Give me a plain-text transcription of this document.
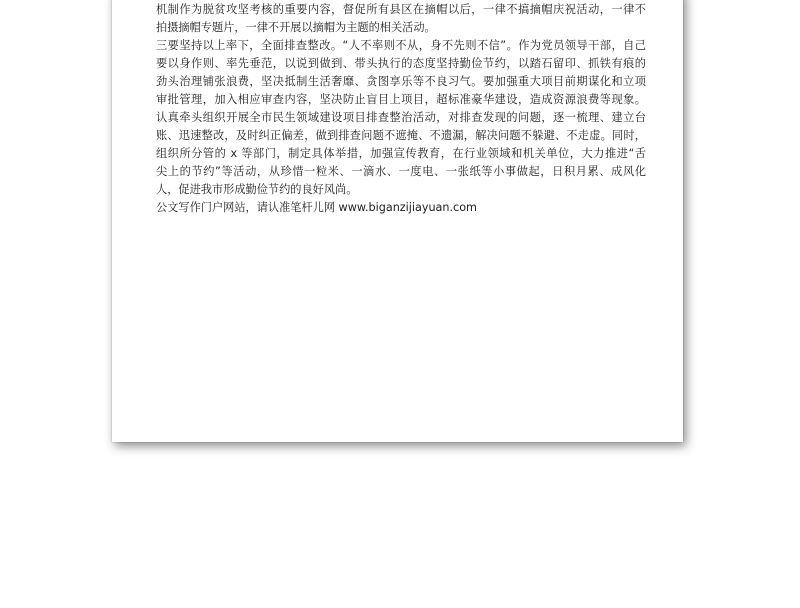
机制作为脱贫攻坚考核的重要内容，督促所有县区在摘帽以后，一律不搞摘帽庆祝活动，一律不
拍摄摘帽专题片，一律不开展以摘帽为主题的相关活动。
三要坚持以上率下，全面排查整改。“人不率则不从，身不先则不信”。作为党员领导干部，自己
要以身作则、率先垂范，以说到做到、带头执行的态度坚持勤俭节约，以踏石留印、抓铁有痕的
劲头治理铺张浪费，坚决抵制生活奢靡、贪图享乐等不良习气。要加强重大项目前期谋化和立项
审批管理，加入相应审查内容，坚决防止盲目上项目，超标准豪华建设，造成资源浪费等现象。
认真牵头组织开展全市民生领域建设项目排查整治活动，对排查发现的问题，逐一梳理、建立台
账、迅速整改，及时纠正偏差，做到排查问题不遮掩、不遗漏，解决问题不躲避、不走虚。同时，
组织所分管的 x 等部门，制定具体举措，加强宣传教育，在行业领域和机关单位，大力推进“舌
尖上的节约”等活动，从珍惜一粒米、一滴水、一度电、一张纸等小事做起，日积月累、成风化
人，促进我市形成勤俭节约的良好风尚。
公文写作门户网站，请认准笔杆儿网 www.biganzijiayuan.com
